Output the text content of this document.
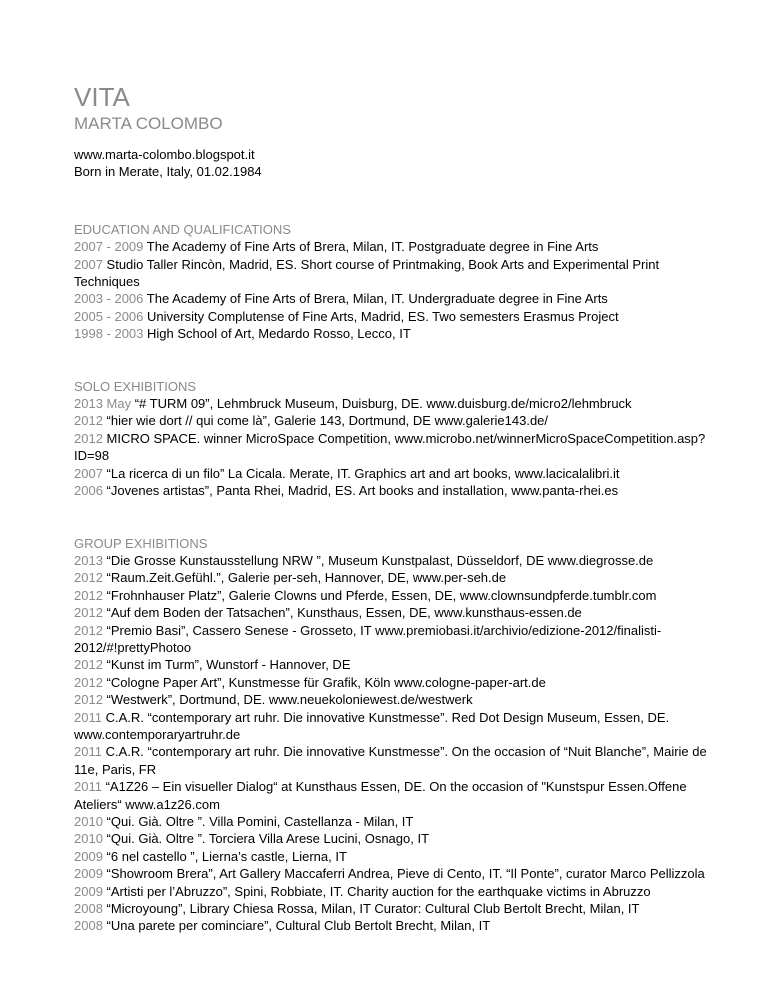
VITA
MARTA COLOMBO
www.marta-colombo.blogspot.it
Born in Merate, Italy, 01.02.1984
EDUCATION AND QUALIFICATIONS
2007 - 2009 The Academy of Fine Arts of Brera, Milan, IT. Postgraduate degree in Fine Arts
2007 Studio Taller Rincòn, Madrid, ES. Short course of Printmaking, Book Arts and Experimental Print Techniques
2003 - 2006 The Academy of Fine Arts of Brera, Milan, IT. Undergraduate degree in Fine Arts
2005 - 2006 University Complutense of Fine Arts, Madrid, ES. Two semesters Erasmus Project
1998 - 2003 High School of Art, Medardo Rosso, Lecco, IT
SOLO EXHIBITIONS
2013 May “# TURM 09”, Lehmbruck Museum, Duisburg, DE. www.duisburg.de/micro2/lehmbruck
2012 “hier wie dort // qui come là”, Galerie 143, Dortmund, DE www.galerie143.de/
2012 MICRO SPACE. winner MicroSpace Competition, www.microbo.net/winnerMicroSpaceCompetition.asp?ID=98
2007 “La ricerca di un filo” La Cicala. Merate, IT. Graphics art and art books, www.lacicalalibri.it
2006 “Jovenes artistas”, Panta Rhei, Madrid, ES. Art books and installation, www.panta-rhei.es
GROUP EXHIBITIONS
2013 “Die Grosse Kunstausstellung NRW ”, Museum Kunstpalast, Düsseldorf, DE www.diegrosse.de
2012 “Raum.Zeit.Gefühl.”, Galerie per-seh, Hannover, DE, www.per-seh.de
2012 “Frohnhauser Platz”, Galerie Clowns und Pferde, Essen, DE, www.clownsundpferde.tumblr.com
2012 “Auf dem Boden der Tatsachen”, Kunsthaus, Essen, DE, www.kunsthaus-essen.de
2012 “Premio Basi”, Cassero Senese - Grosseto, IT www.premiobasi.it/archivio/edizione-2012/finalisti-2012/#!prettyPhotoo
2012 “Kunst im Turm”, Wunstorf - Hannover, DE
2012 “Cologne Paper Art”, Kunstmesse für Grafik, Köln www.cologne-paper-art.de
2012 “Westwerk”, Dortmund, DE. www.neuekoloniewest.de/westwerk
2011 C.A.R. “contemporary art ruhr. Die innovative Kunstmesse”. Red Dot Design Museum, Essen, DE. www.contemporaryartruhr.de
2011 C.A.R. “contemporary art ruhr. Die innovative Kunstmesse”. On the occasion of “Nuit Blanche”, Mairie de 11e, Paris, FR
2011 “A1Z26 – Ein visueller Dialog“ at Kunsthaus Essen, DE. On the occasion of "Kunstspur Essen.Offene Ateliers“ www.a1z26.com
2010 “Qui. Già. Oltre ”. Villa Pomini, Castellanza - Milan, IT
2010 “Qui. Già. Oltre ”. Torciera Villa Arese Lucini, Osnago, IT
2009 “6 nel castello ”, Lierna’s castle, Lierna, IT
2009 “Showroom Brera”, Art Gallery Maccaferri Andrea, Pieve di Cento, IT. “Il Ponte”, curator Marco Pellizzola
2009 “Artisti per l’Abruzzo”, Spini, Robbiate, IT. Charity auction for the earthquake victims in Abruzzo
2008 “Microyoung”, Library Chiesa Rossa, Milan, IT Curator: Cultural Club Bertolt Brecht, Milan, IT
2008 “Una parete per cominciare”, Cultural Club Bertolt Brecht, Milan, IT
